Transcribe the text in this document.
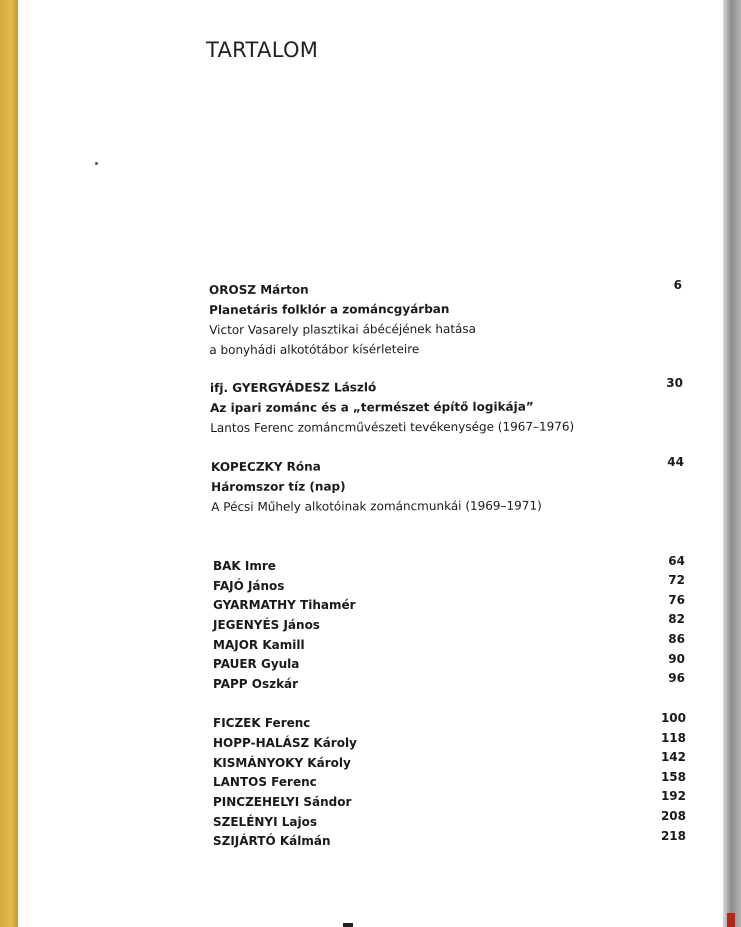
TARTALOM
OROSZ Márton
Planetáris folklór a zománcgyárban
Victor Vasarely plasztikai ábécéjének hatása
a bonyhádi alkotótábor kísérleteire
6
ifj. GYERGYÁDESZ László
Az ipari zománc és a „természet építő logikája”
Lantos Ferenc zománcművészeti tevékenysége (1967–1976)
30
KOPECZKY Róna
Háromszor tíz (nap)
A Pécsi Műhely alkotóinak zománcmunkái (1969–1971)
44
BAK Imre	64
FAJÓ János	72
GYARMATHY Tihamér	76
JEGENYÉS János	82
MAJOR Kamill	86
PAUER Gyula	90
PAPP Oszkár	96
FICZEK Ferenc	100
HOPP-HALÁSZ Károly	118
KISMÁNYOKY Károly	142
LANTOS Ferenc	158
PINCZEHELYI Sándor	192
SZELÉNYI Lajos	208
SZIJÁRTÓ Kálmán	218
